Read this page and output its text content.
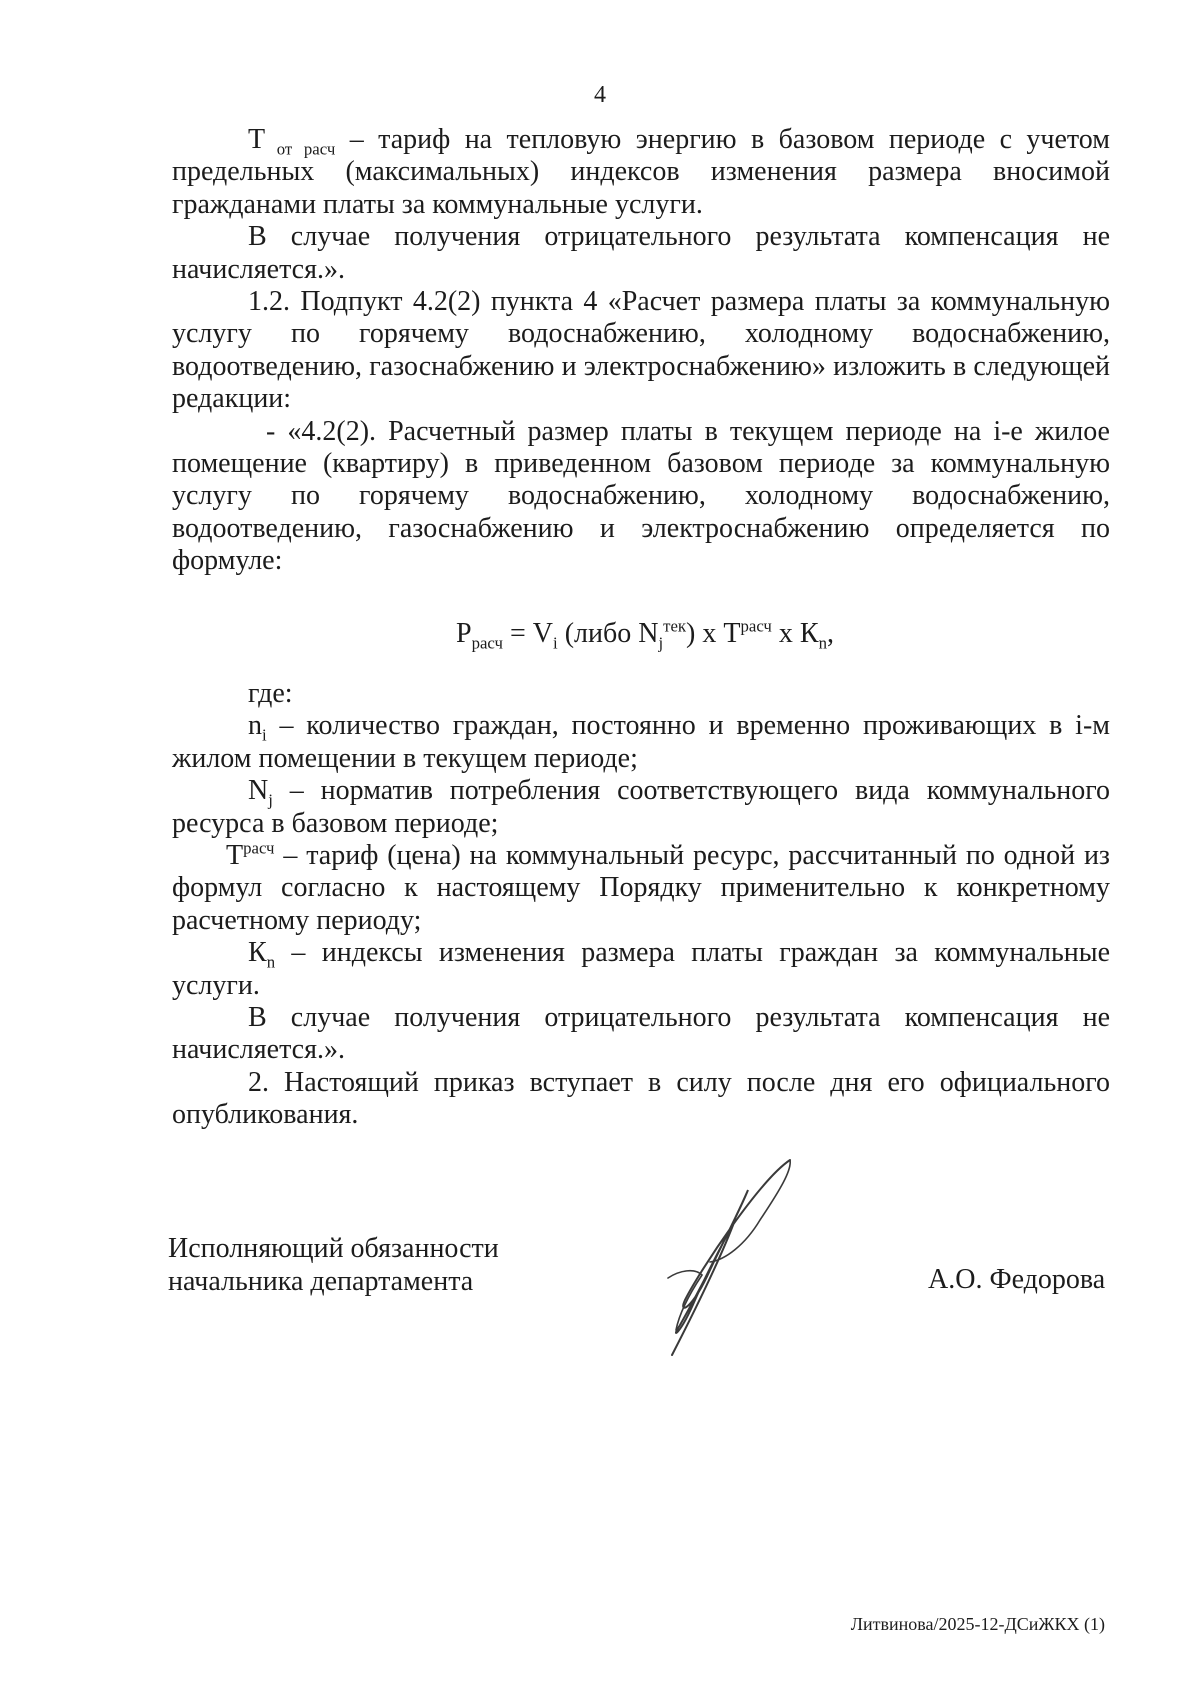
4

Т $_{от расч}$ – тариф на тепловую энергию в базовом периоде с учетом предельных (максимальных) индексов изменения размера вносимой гражданами платы за коммунальные услуги.

В случае получения отрицательного результата компенсация не начисляется.».

1.2. Подпукт 4.2(2) пункта 4 «Расчет размера платы за коммунальную услугу по горячему водоснабжению, холодному водоснабжению, водоотведению, газоснабжению и электроснабжению» изложить в следующей редакции:

- «4.2(2). Расчетный размер платы в текущем периоде на i-е жилое помещение (квартиру) в приведенном базовом периоде за коммунальную услугу по горячему водоснабжению, холодному водоснабжению, водоотведению, газоснабжению и электроснабжению определяется по формуле:

$Р_{расч} = V_i$ (либо $N_j^{тек}$) x $Т^{расч}$ x $К_n$,

где:

$n_i$ – количество граждан, постоянно и временно проживающих в i-м жилом помещении в текущем периоде;

$N_j$ – норматив потребления соответствующего вида коммунального ресурса в базовом периоде;

$Т^{расч}$ – тариф (цена) на коммунальный ресурс, рассчитанный по одной из формул согласно к настоящему Порядку применительно к конкретному расчетному периоду;

$К_n$ – индексы изменения размера платы граждан за коммунальные услуги.

В случае получения отрицательного результата компенсация не начисляется.».

2. Настоящий приказ вступает в силу после дня его официального опубликования.

Исполняющий обязанности
начальника департамента	А.О. Федорова
Литвинова/2025-12-ДСиЖКХ (1)
